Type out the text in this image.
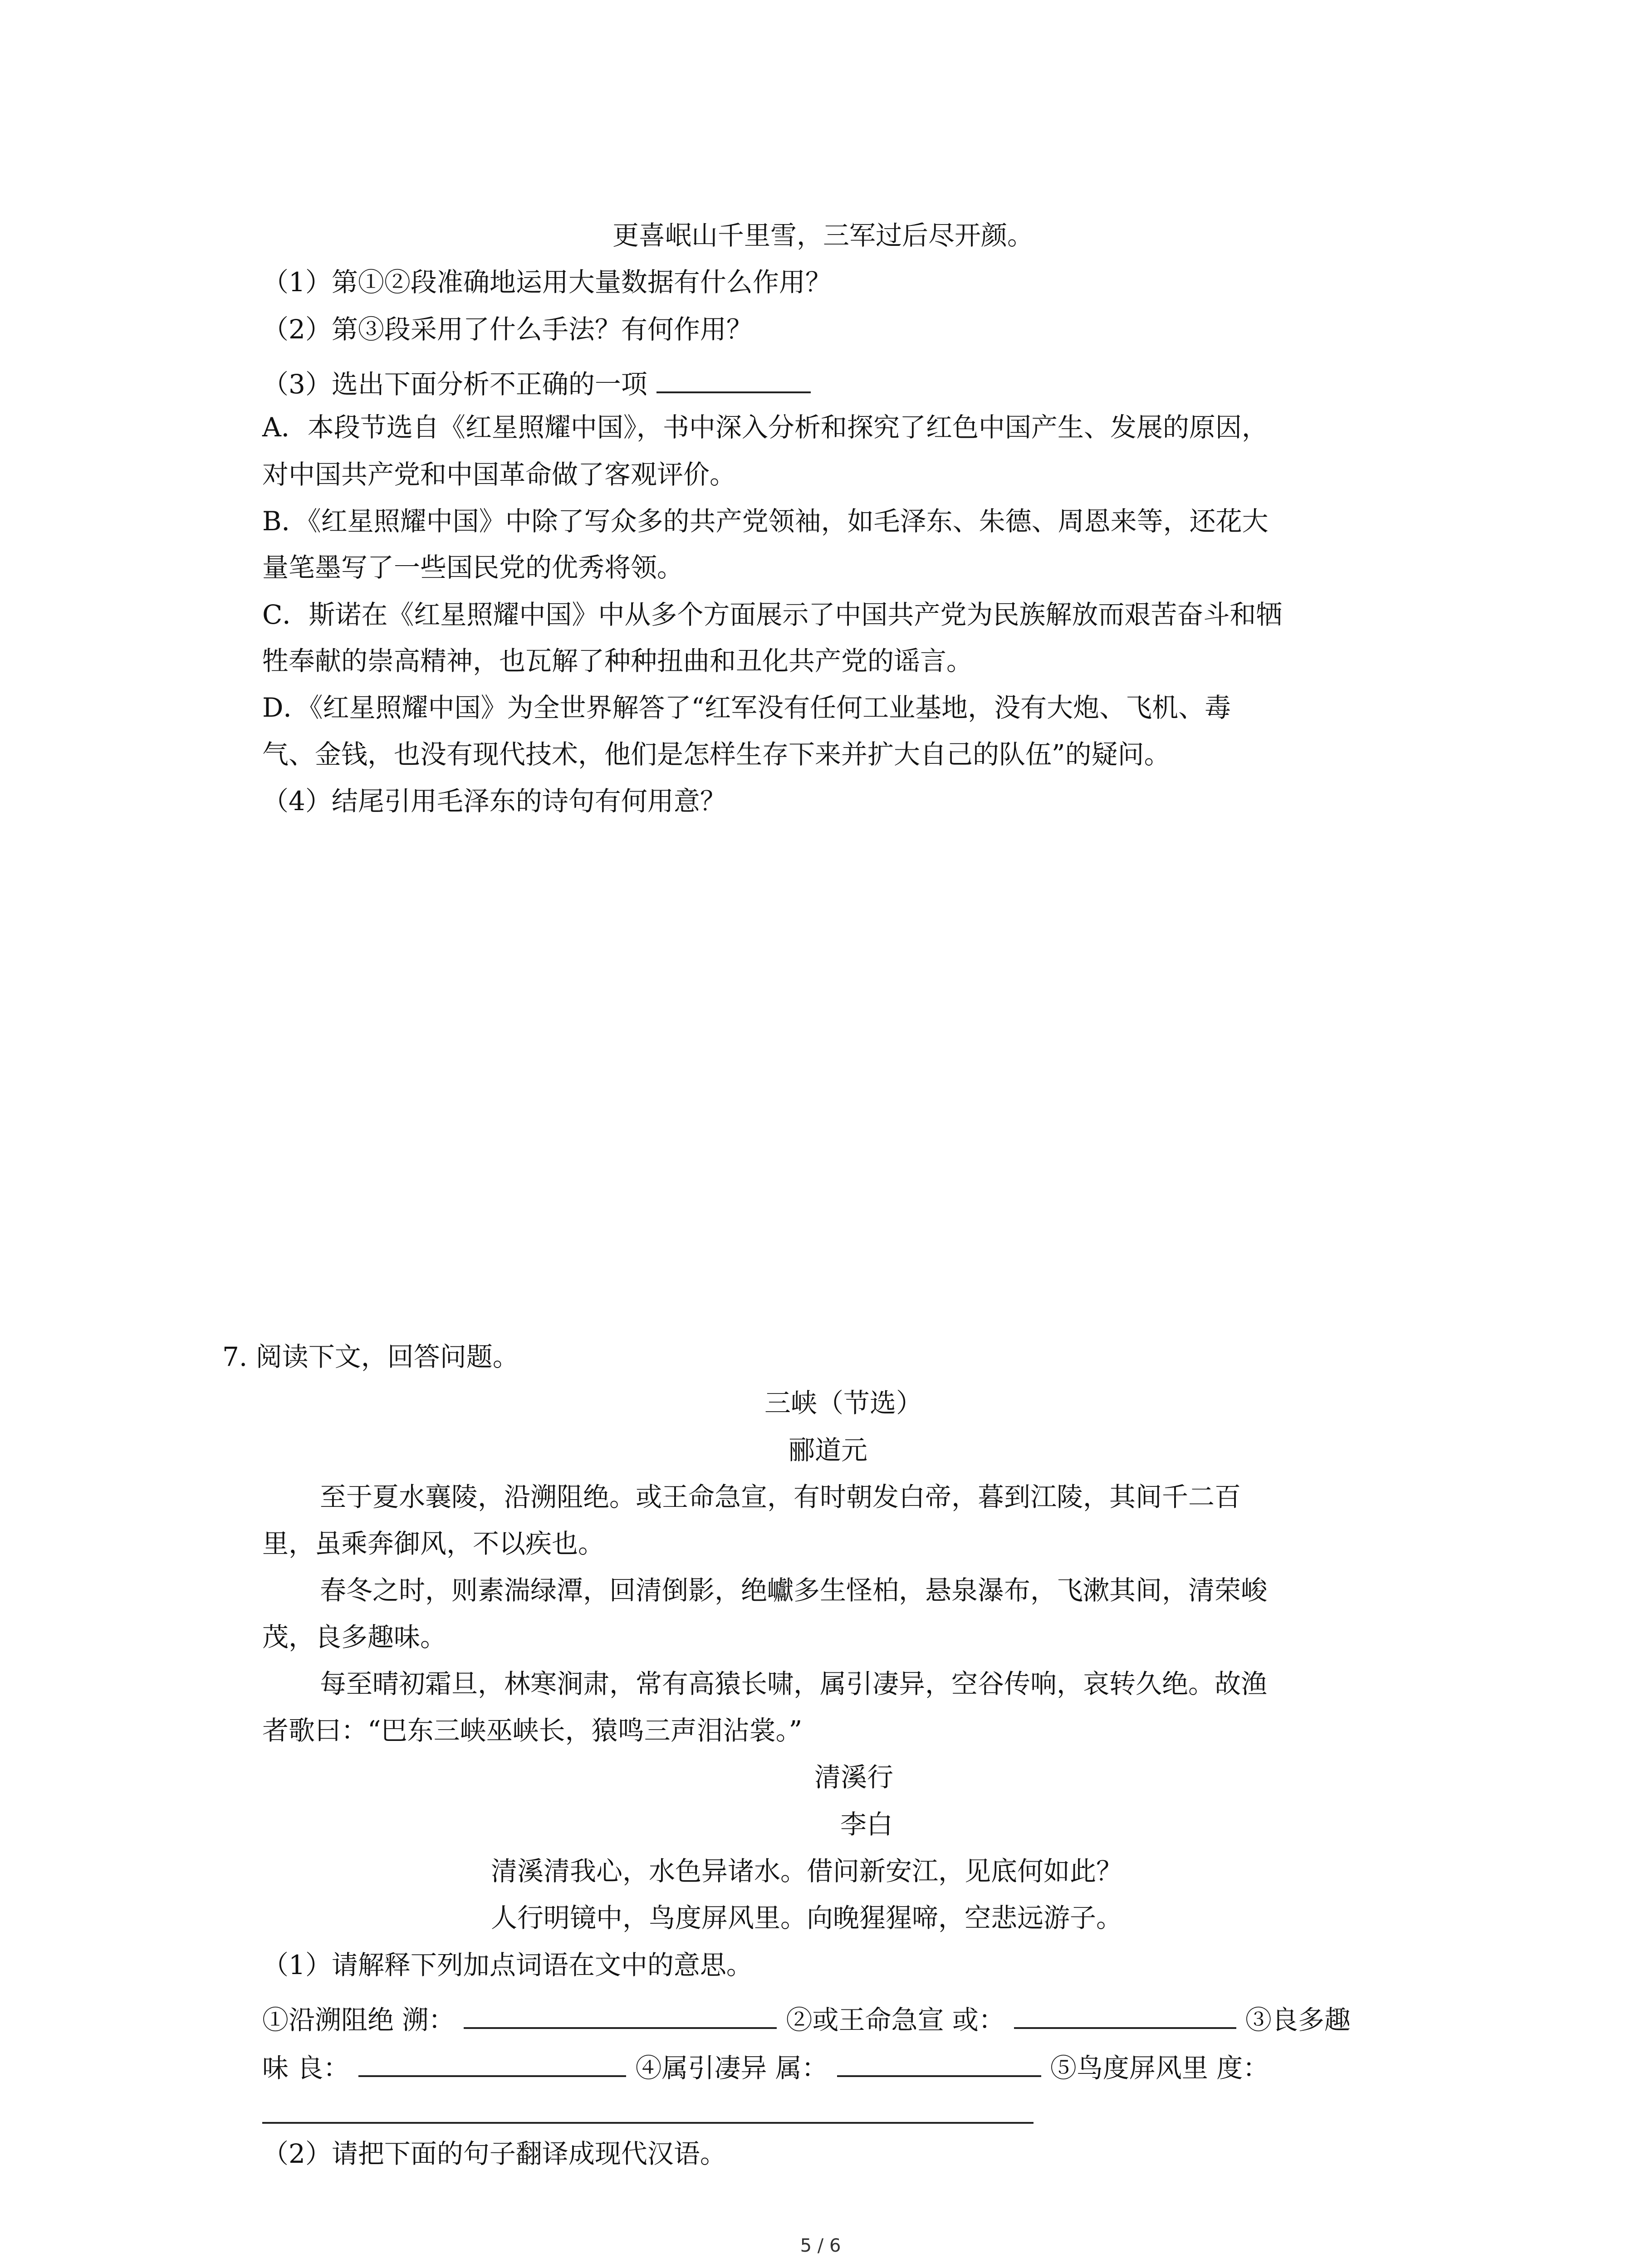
更喜岷山千里雪，三军过后尽开颜。
（1）第①②段准确地运用大量数据有什么作用？
（2）第③段采用了什么手法？有何作用？
（3）选出下面分析不正确的一项
A．本段节选自《红星照耀中国》，书中深入分析和探究了红色中国产生、发展的原因，
对中国共产党和中国革命做了客观评价。
B．《红星照耀中国》中除了写众多的共产党领袖，如毛泽东、朱德、周恩来等，还花大
量笔墨写了一些国民党的优秀将领。
C．斯诺在《红星照耀中国》中从多个方面展示了中国共产党为民族解放而艰苦奋斗和牺
牲奉献的崇高精神，也瓦解了种种扭曲和丑化共产党的谣言。
D．《红星照耀中国》为全世界解答了“红军没有任何工业基地，没有大炮、飞机、毒
气、金钱，也没有现代技术，他们是怎样生存下来并扩大自己的队伍”的疑问。
（4）结尾引用毛泽东的诗句有何用意？
7. 阅读下文，回答问题。
三峡（节选）
郦道元
至于夏水襄陵，沿溯阻绝。或王命急宣，有时朝发白帝，暮到江陵，其间千二百
里，虽乘奔御风，不以疾也。
春冬之时，则素湍绿潭，回清倒影，绝巘多生怪柏，悬泉瀑布，飞漱其间，清荣峻
茂，良多趣味。
每至晴初霜旦，林寒涧肃，常有高猿长啸，属引凄异，空谷传响，哀转久绝。故渔
者歌曰：“巴东三峡巫峡长，猿鸣三声泪沾裳。”
清溪行
李白
清溪清我心，水色异诸水。借问新安江，见底何如此？
人行明镜中，鸟度屏风里。向晚猩猩啼，空悲远游子。
（1）请解释下列加点词语在文中的意思。
①沿溯阻绝 溯：	②或王命急宣 或：	③良多趣
味 良：	④属引凄异 属：	⑤鸟度屏风里 度：
（2）请把下面的句子翻译成现代汉语。
5 / 6
